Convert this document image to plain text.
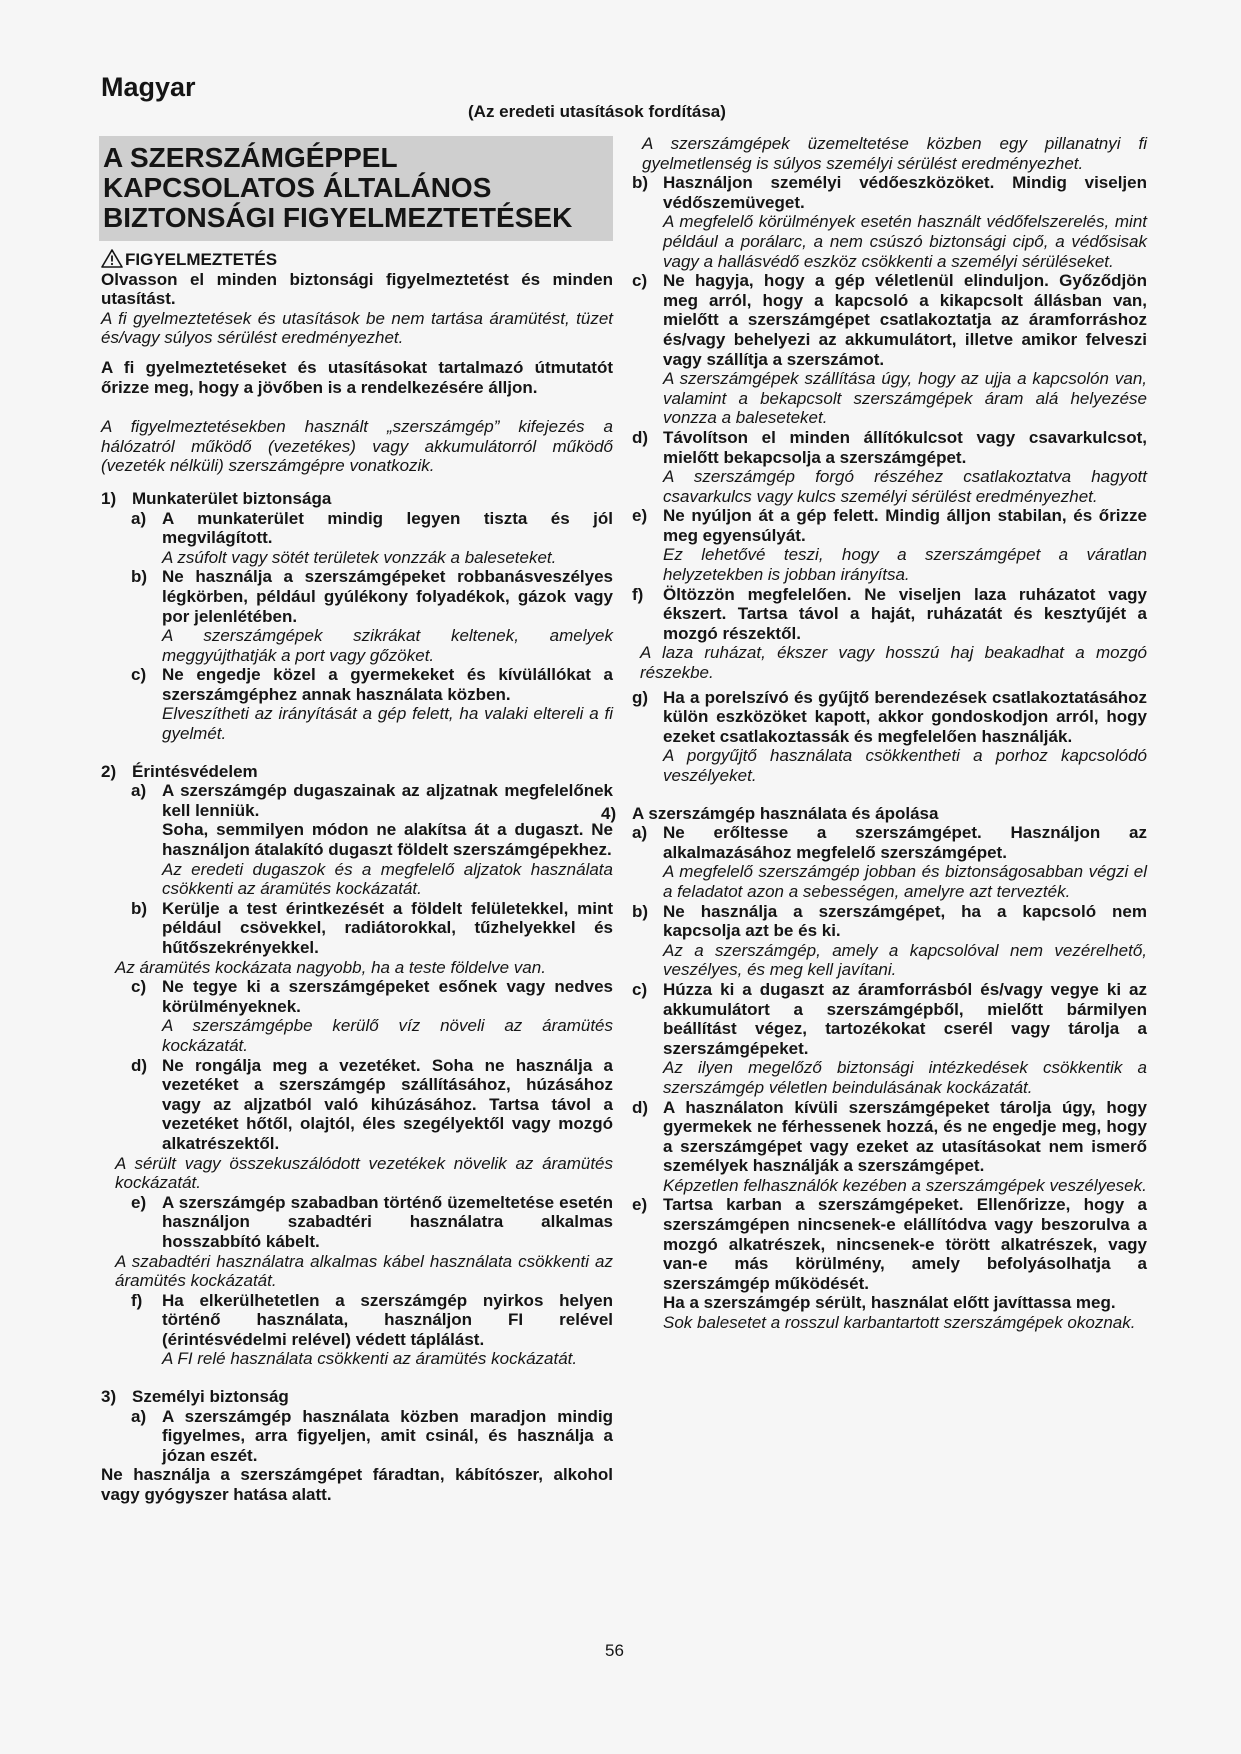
Magyar
(Az eredeti utasítások fordítása)
A SZERSZÁMGÉPPEL
KAPCSOLATOS ÁLTALÁNOS
BIZTONSÁGI FIGYELMEZTETÉSEK
FIGYELMEZTETÉS

Olvasson el minden biztonsági figyelmeztetést és minden utasítást.

A fi gyelmeztetések és utasítások be nem tartása áramütést, tüzet és/vagy súlyos sérülést eredményezhet.

A fi gyelmeztetéseket és utasításokat tartalmazó útmutatót őrizze meg, hogy a jövőben is a rendelkezésére álljon.

A figyelmeztetésekben használt „szerszámgép” kifejezés a hálózatról működő (vezetékes) vagy akkumulátorról működő (vezeték nélküli) szerszámgépre vonatkozik.

1) Munkaterület biztonsága
a) A munkaterület mindig legyen tiszta és jól megvilágított.

A zsúfolt vagy sötét területek vonzzák a baleseteket.

b) Ne használja a szerszámgépeket robbanásveszélyes légkörben, például gyúlékony folyadékok, gázok vagy por jelenlétében.

A szerszámgépek szikrákat keltenek, amelyek meggyújthatják a port vagy gőzöket.

c) Ne engedje közel a gyermekeket és kívülállókat a szerszámgéphez annak használata közben.

Elveszítheti az irányítását a gép felett, ha valaki eltereli a fi gyelmét.

2) Érintésvédelem
a) A szerszámgép dugaszainak az aljzatnak megfelelőnek kell lenniük.

Soha, semmilyen módon ne alakítsa át a dugaszt. Ne használjon átalakító dugaszt földelt szerszámgépekhez.

Az eredeti dugaszok és a megfelelő aljzatok használata csökkenti az áramütés kockázatát.

b) Kerülje a test érintkezését a földelt felületekkel, mint például csövekkel, radiátorokkal, tűzhelyekkel és hűtőszekrényekkel.

Az áramütés kockázata nagyobb, ha a teste földelve van.

c) Ne tegye ki a szerszámgépeket esőnek vagy nedves körülményeknek.

A szerszámgépbe kerülő víz növeli az áramütés kockázatát.

d) Ne rongálja meg a vezetéket. Soha ne használja a vezetéket a szerszámgép szállításához, húzásához vagy az aljzatból való kihúzásához. Tartsa távol a vezetéket hőtől, olajtól, éles szegélyektől vagy mozgó alkatrészektől.

A sérült vagy összekuszálódott vezetékek növelik az áramütés kockázatát.

e) A szerszámgép szabadban történő üzemeltetése esetén használjon szabadtéri használatra alkalmas hosszabbító kábelt.

A szabadtéri használatra alkalmas kábel használata csökkenti az áramütés kockázatát.

f)	Ha elkerülhetetlen a szerszámgép nyirkos helyen történő használata, használjon FI relével (érintésvédelmi relével) védett táplálást.

A FI relé használata csökkenti az áramütés kockázatát.

3) Személyi biztonság
a) A szerszámgép használata közben maradjon mindig figyelmes, arra figyeljen, amit csinál, és használja a józan eszét.

Ne használja a szerszámgépet fáradtan, kábítószer, alkohol vagy gyógyszer hatása alatt.

A szerszámgépek üzemeltetése közben egy pillanatnyi fi gyelmetlenség is súlyos személyi sérülést eredményezhet.

b) Használjon személyi védőeszközöket. Mindig viseljen védőszemüveget.

A megfelelő körülmények esetén használt védőfelszerelés, mint például a porálarc, a nem csúszó biztonsági cipő, a védősisak vagy a hallásvédő eszköz csökkenti a személyi sérüléseket.

c) Ne hagyja, hogy a gép véletlenül elinduljon. Győződjön meg arról, hogy a kapcsoló a kikapcsolt állásban van, mielőtt a szerszámgépet csatlakoztatja az áramforráshoz és/vagy behelyezi az akkumulátort, illetve amikor felveszi vagy szállítja a szerszámot.

A szerszámgépek szállítása úgy, hogy az ujja a kapcsolón van, valamint a bekapcsolt szerszámgépek áram alá helyezése vonzza a baleseteket.

d) Távolítson el minden állítókulcsot vagy csavarkulcsot, mielőtt bekapcsolja a szerszámgépet.

A szerszámgép forgó részéhez csatlakoztatva hagyott csavarkulcs vagy kulcs személyi sérülést eredményezhet.

e) Ne nyúljon át a gép felett. Mindig álljon stabilan, és őrizze meg egyensúlyát.

Ez lehetővé teszi, hogy a szerszámgépet a váratlan helyzetekben is jobban irányítsa.

f)	Öltözzön megfelelően. Ne viseljen laza ruházatot vagy ékszert. Tartsa távol a haját, ruházatát és kesztyűjét a mozgó részektől.

A laza ruházat, ékszer vagy hosszú haj beakadhat a mozgó részekbe.

g) Ha a porelszívó és gyűjtő berendezések csatlakoztatásához külön eszközöket kapott, akkor gondoskodjon arról, hogy ezeket csatlakoztassák és megfelelően használják.

A porgyűjtő használata csökkentheti a porhoz kapcsolódó veszélyeket.

4) A szerszámgép használata és ápolása
a) Ne erőltesse a szerszámgépet. Használjon az alkalmazásához megfelelő szerszámgépet.

A megfelelő szerszámgép jobban és biztonságosabban végzi el a feladatot azon a sebességen, amelyre azt tervezték.

b) Ne használja a szerszámgépet, ha a kapcsoló nem kapcsolja azt be és ki.

Az a szerszámgép, amely a kapcsolóval nem vezérelhető, veszélyes, és meg kell javítani.

c) Húzza ki a dugaszt az áramforrásból és/vagy vegye ki az akkumulátort a szerszámgépből, mielőtt bármilyen beállítást végez, tartozékokat cserél vagy tárolja a szerszámgépeket.

Az ilyen megelőző biztonsági intézkedések csökkentik a szerszámgép véletlen beindulásának kockázatát.

d) A használaton kívüli szerszámgépeket tárolja úgy, hogy gyermekek ne férhessenek hozzá, és ne engedje meg, hogy a szerszámgépet vagy ezeket az utasításokat nem ismerő személyek használják a szerszámgépet.

Képzetlen felhasználók kezében a szerszámgépek veszélyesek.

e) Tartsa karban a szerszámgépeket. Ellenőrizze, hogy a szerszámgépen nincsenek-e elállítódva vagy beszorulva a mozgó alkatrészek, nincsenek-e törött alkatrészek, vagy van-e más körülmény, amely befolyásolhatja a szerszámgép működését.

Ha a szerszámgép sérült, használat előtt javíttassa meg.

Sok balesetet a rosszul karbantartott szerszámgépek okoznak.

56
